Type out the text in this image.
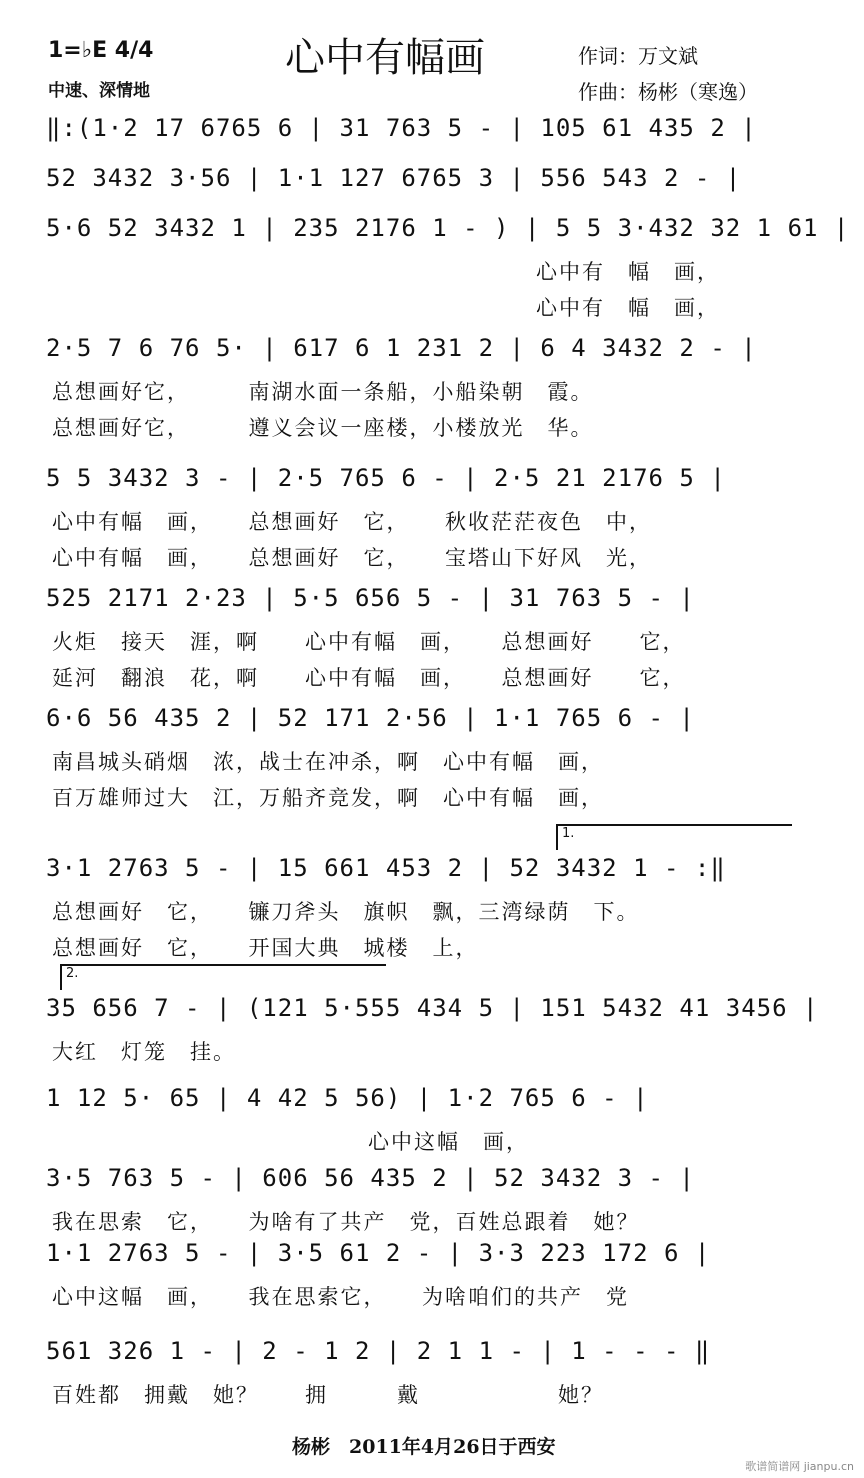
1=♭E 4/4
中速、深情地
心中有幅画	作词：万文斌
作曲：杨彬（寒逸）
‖:(1·2 17 6765 6 | 31 763 5 - | 105 61 435 2 |
52 3432 3·56 | 1·1 127 6765 3 | 556 543 2 - |
5·6 52 3432 1 | 235 2176 1 - ) | 5 5 3·432 32 1 61 |
心中有　幅　画，
心中有　幅　画，
2·5 7 6 76 5· | 617 6 1 231 2 | 6 4 3432 2 - |
总想画好它，　　　南湖水面一条船，小船染朝　霞。
总想画好它，　　　遵义会议一座楼，小楼放光　华。
5 5 3432 3 - | 2·5 765 6 - | 2·5 21 2176 5 |
心中有幅　画，　　总想画好　它，　　秋收茫茫夜色　中，
心中有幅　画，　　总想画好　它，　　宝塔山下好风　光，
525 2171 2·23 | 5·5 656 5 - | 31 763 5 - |
火炬　接天　涯，啊　　心中有幅　画，　　总想画好　　它，
延河　翻浪　花，啊　　心中有幅　画，　　总想画好　　它，
6·6 56 435 2 | 52 171 2·56 | 1·1 765 6 - |
南昌城头硝烟　浓，战士在冲杀，啊　心中有幅　画，
百万雄师过大　江，万船齐竞发，啊　心中有幅　画，
1.
3·1 2763 5 - | 15 661 453 2 | 52 3432 1 - :‖
总想画好　它，　　镰刀斧头　旗帜　飘，三湾绿荫　下。
总想画好　它，　　开国大典　城楼　上，
2.
35 656 7 - | (121 5·555 434 5 | 151 5432 41 3456 |
大红　灯笼　挂。
1 12 5· 65 | 4 42 5 56) | 1·2 765 6 - |
　　　　　　　　　　　　　　心中这幅　画，
3·5 763 5 - | 606 56 435 2 | 52 3432 3 - |
我在思索　它，　　为啥有了共产　党，百姓总跟着　她？
1·1 2763 5 - | 3·5 61 2 - | 3·3 223 172 6 |
心中这幅　画，　　我在思索它，　　为啥咱们的共产　党
561 326 1 - | 2 - 1 2 | 2 1 1 - | 1 - - - ‖
百姓都　拥戴　她？　　拥　　　戴　　　　　　她？
杨彬　2011年4月26日于西安
歌谱简谱网 jianpu.cn
